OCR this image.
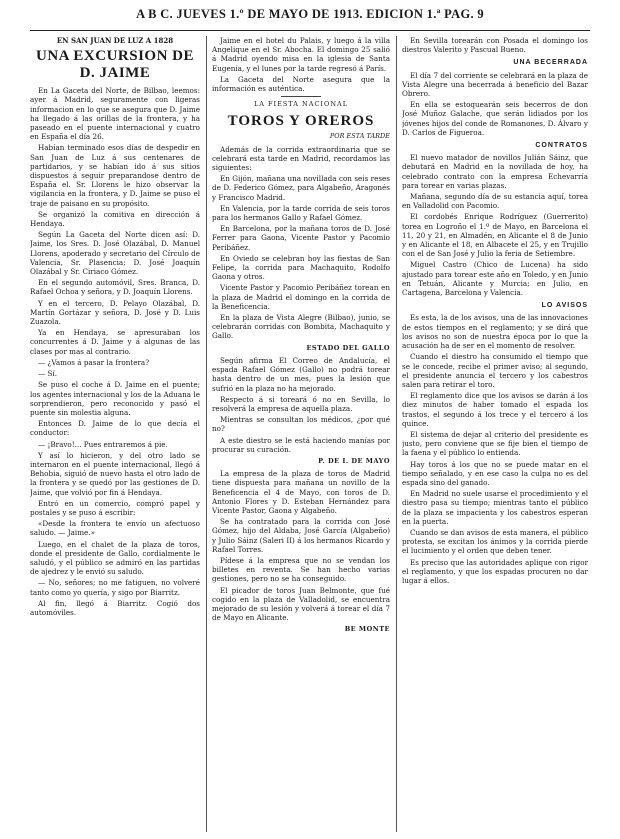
A B C. JUEVES 1.º DE MAYO DE 1913. EDICION 1.ª PAG. 9
EN SAN JUAN DE LUZ A 1828
UNA EXCURSION DE D. JAIME

En La Gaceta del Norte, de Bilbao, leemos: ayer á Madrid, seguramente con ligeras informacion en lo que se asegura que D. Jaime ha llegado á las orillas de la frontera, y ha paseado en el puente internacional y cuatro en España el día 26.

Habían terminado esos días de despedir en San Juan de Luz á sus centenares de partidarios, y se habían ido á sus sitios dispuestos á seguir preparandose dentro de España el. Sr. Llorens le hizo observar la vigilancia en la frontera, y D. Jaime se puso el traje de paisano en su propósito.

Se organizó la comitiva en dirección á Hendaya.

Según La Gaceta del Norte dicen así: D. Jaime, los Sres. D. José Olazábal, D. Manuel Llorens, apoderado y secretario del Círculo de Valencia, Sr. Plasencia; D. José Joaquín Olazábal y Sr. Ciriaco Gómez.

En el segundo automóvil, Sres. Branca, D. Rafael Ochoa y señora, y D. Joaquín Llorens.

Y en el tercero, D. Pelayo Olazábal, D. Martín Gortázar y señora, D. José y D. Luis Zuazola.

Ya en Hendaya, se apresuraban los concurrentes á D. Jaime y á algunas de las clases por mas al contrario.

— ¿Vamos á pasar la frontera?

— Sí.

Se puso el coche á D. Jaime en el puente; los agentes internacional y los de la Aduana le sorprendieron, pero reconocido y pasó el puente sin molestia alguna.

Entonces D. Jaime de lo que decía el conductor:

— ¡Bravo!... Pues entraremos á pie.

Y así lo hicieron, y del otro lado se internaron en el puente internacional, llegó á Behobia, siguió de nuevo hasta el otro lado de la frontera y se quedó por las gestiones de D. Jaime, que volvió por fin á Hendaya.

Entró en un comercio, compró papel y postales y se puso á escribir:

«Desde la frontera te envío un afectuoso saludo. — Jaime.»

Luego, en el chalet de la plaza de toros, donde el presidente de Gallo, cordialmente le saludó, y el público se admiró en las partidas de ajedrez y le envió su saludo.

— No, señores; no me fatiguen, no volveré tanto como yo quería, y sigo por Biarritz.

Al fin, llegó á Biarritz. Cogió dos automóviles.

Jaime en el hotel du Palais, y luego á la villa Angelique en el Sr. Abocha. El domingo 25 salió á Madrid oyendo misa en la iglesia de Santa Eugenia, y el lunes por la tarde regresó á París.

La Gaceta del Norte asegura que la información es auténtica.

LA FIESTA NACIONAL
TOROS Y OREROS
POR ESTA TARDE

Además de la corrida extraordinaria que se celebrará esta tarde en Madrid, recordamos las siguientes:

En Gijón, mañana una novillada con seis reses de D. Federico Gómez, para Algabeño, Aragonés y Francisco Madrid.

En Valencia, por la tarde corrida de seis toros para los hermanos Gallo y Rafael Gómez.

En Barcelona, por la mañana toros de D. José Ferrer para Gaona, Vicente Pastor y Pacomio Peribáñez.

En Oviedo se celebran hoy las fiestas de San Felipe, la corrida para Machaquito, Rodolfo Gaona y otros.

Vicente Pastor y Pacomio Peribáñez torean en la plaza de Madrid el domingo en la corrida de la Beneficencia.

En la plaza de Vista Alegre (Bilbao), junio, se celebrarán corridas con Bombita, Machaquito y Gallo.

ESTADO DEL GALLO

Según afirma El Correo de Andalucía, el espada Rafael Gómez (Gallo) no podrá torear hasta dentro de un mes, pues la lesión que sufrió en la plaza no ha mejorado.

Respecto á si toreará ó no en Sevilla, lo resolverá la empresa de aquella plaza.

Mientras se consultan los médicos, ¿por qué no?

A este diestro se le está haciendo manías por procurar su curación.

P. DE I. DE MAYO

La empresa de la plaza de toros de Madrid tiene dispuesta para mañana un novillo de la Beneficencia el 4 de Mayo, con toros de D. Antonio Flores y D. Esteban Hernández para Vicente Pastor, Gaona y Algabeño.

Se ha contratado para la corrida con José Gómez, hijo del Aldaba, José García (Algabeño) y Julio Sáinz (Saleri II) á los hermanos Ricardo y Rafael Torres.

Pídese á la empresa que no se vendan los billetes en reventa. Se han hecho varias gestiones, pero no se ha conseguido.

El picador de toros Juan Belmonte, que fué cogido en la plaza de Valladolid, se encuentra mejorado de su lesión y volverá á torear el día 7 de Mayo en Alicante.

BE MONTE

En Sevilla torearán con Posada el domingo los diestros Valerito y Pascual Bueno.

UNA BECERRADA

El día 7 del corriente se celebrará en la plaza de Vista Alegre una becerrada á beneficio del Bazar Obrero.

En ella se estoquearán seis becerros de don José Muñoz Galache, que serán lidiados por los jóvenes hijos del conde de Romanones, D. Álvaro y D. Carlos de Figueroa.

CONTRATOS

El nuevo matador de novillos Julián Sáinz, que debutará en Madrid en la novillada de hoy, ha celebrado contrato con la empresa Echevarría para torear en varias plazas.

Mañana, segundo día de su estancia aquí, torea en Valladolid con Pacomio.

El cordobés Enrique Rodríguez (Guerrerito) torea en Logroño el 1.º de Mayo, en Barcelona el 11, 20 y 21, en Almadén, en Alicante el 8 de Junio y en Alicante el 18, en Albacete el 25, y en Trujillo con el de San José y Julio la feria de Setiembre.

Miguel Castro (Chico de Lucena) ha sido ajustado para torear este año en Toledo, y en Junio en Tetuán, Alicante y Murcia; en Julio, en Cartagena, Barcelona y Valencia.

LO AVISOS

Es esta, la de los avisos, una de las innovaciones de estos tiempos en el reglamento; y se dirá que los avisos no son de nuestra época por lo que la acusación ha de ser en el momento de resolver.

Cuando el diestro ha consumido el tiempo que se le concede, recibe el primer aviso; al segundo, el presidente anuncia el tercero y los cabestros salen para retirar el toro.

El reglamento dice que los avisos se darán á los diez minutos de haber tomado el espada los trastos, el segundo á los trece y el tercero á los quince.

El sistema de dejar al criterio del presidente es justo, pero conviene que se fije bien el tiempo de la faena y el público lo entienda.

Hay toros á los que no se puede matar en el tiempo señalado, y en ese caso la culpa no es del espada sino del ganado.

En Madrid no suele usarse el procedimiento y el diestro pasa su tiempo; mientras tanto el público de la plaza se impacienta y los cabestros esperan en la puerta.

Cuando se dan avisos de esta manera, el público protesta, se excitan los ánimos y la corrida pierde el lucimiento y el orden que deben tener.

Es preciso que las autoridades aplique con rigor el reglamento, y que los espadas procuren no dar lugar á ellos.
